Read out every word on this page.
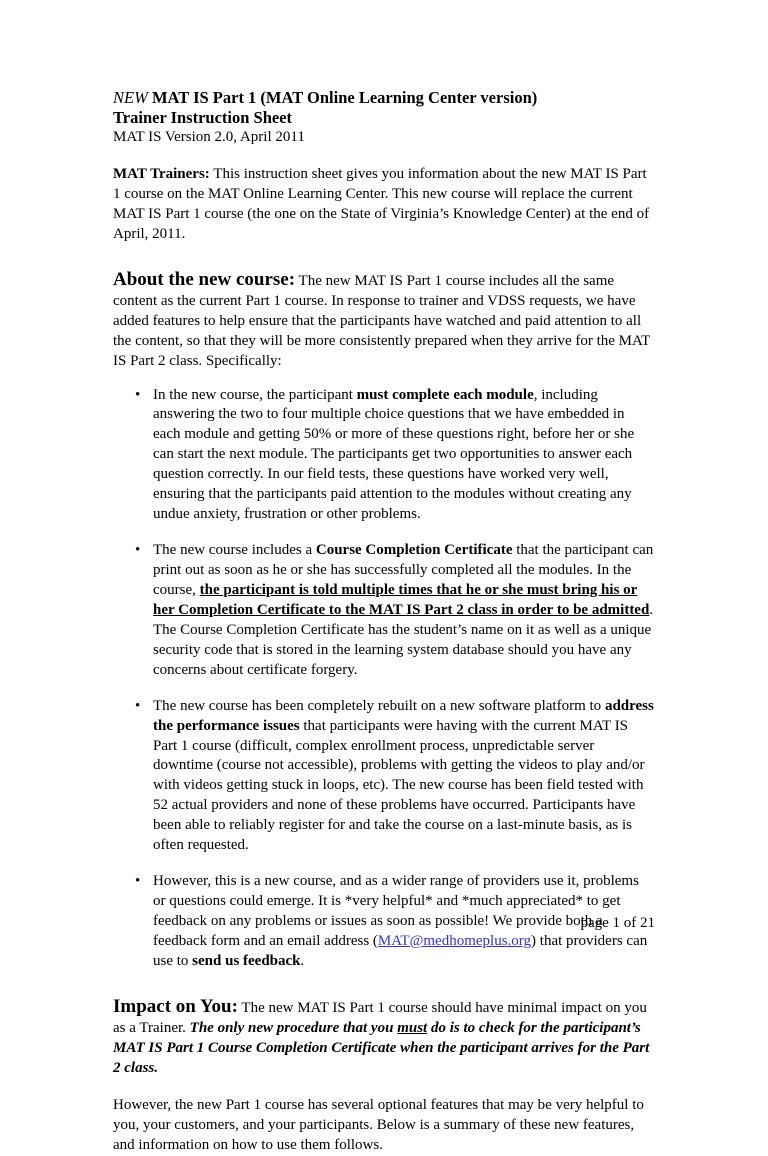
NEW MAT IS Part 1 (MAT Online Learning Center version)
Trainer Instruction Sheet
MAT IS Version 2.0, April 2011

MAT Trainers: This instruction sheet gives you information about the new MAT IS Part 1 course on the MAT Online Learning Center. This new course will replace the current MAT IS Part 1 course (the one on the State of Virginia’s Knowledge Center) at the end of April, 2011.

About the new course: The new MAT IS Part 1 course includes all the same content as the current Part 1 course. In response to trainer and VDSS requests, we have added features to help ensure that the participants have watched and paid attention to all the content, so that they will be more consistently prepared when they arrive for the MAT IS Part 2 class. Specifically:

• In the new course, the participant must complete each module, including answering the two to four multiple choice questions that we have embedded in each module and getting 50% or more of these questions right, before her or she can start the next module. The participants get two opportunities to answer each question correctly. In our field tests, these questions have worked very well, ensuring that the participants paid attention to the modules without creating any undue anxiety, frustration or other problems.
• The new course includes a Course Completion Certificate that the participant can print out as soon as he or she has successfully completed all the modules. In the course, the participant is told multiple times that he or she must bring his or her Completion Certificate to the MAT IS Part 2 class in order to be admitted. The Course Completion Certificate has the student’s name on it as well as a unique security code that is stored in the learning system database should you have any concerns about certificate forgery.
• The new course has been completely rebuilt on a new software platform to address the performance issues that participants were having with the current MAT IS Part 1 course (difficult, complex enrollment process, unpredictable server downtime (course not accessible), problems with getting the videos to play and/or with videos getting stuck in loops, etc). The new course has been field tested with 52 actual providers and none of these problems have occurred. Participants have been able to reliably register for and take the course on a last-minute basis, as is often requested.
• However, this is a new course, and as a wider range of providers use it, problems or questions could emerge. It is *very helpful* and *much appreciated* to get feedback on any problems or issues as soon as possible! We provide both a feedback form and an email address (MAT@medhomeplus.org) that providers can use to send us feedback.

Impact on You: The new MAT IS Part 1 course should have minimal impact on you as a Trainer. The only new procedure that you must do is to check for the participant’s MAT IS Part 1 Course Completion Certificate when the participant arrives for the Part 2 class.

However, the new Part 1 course has several optional features that may be very helpful to you, your customers, and your participants. Below is a summary of these new features, and information on how to use them follows.

page 1 of 21
